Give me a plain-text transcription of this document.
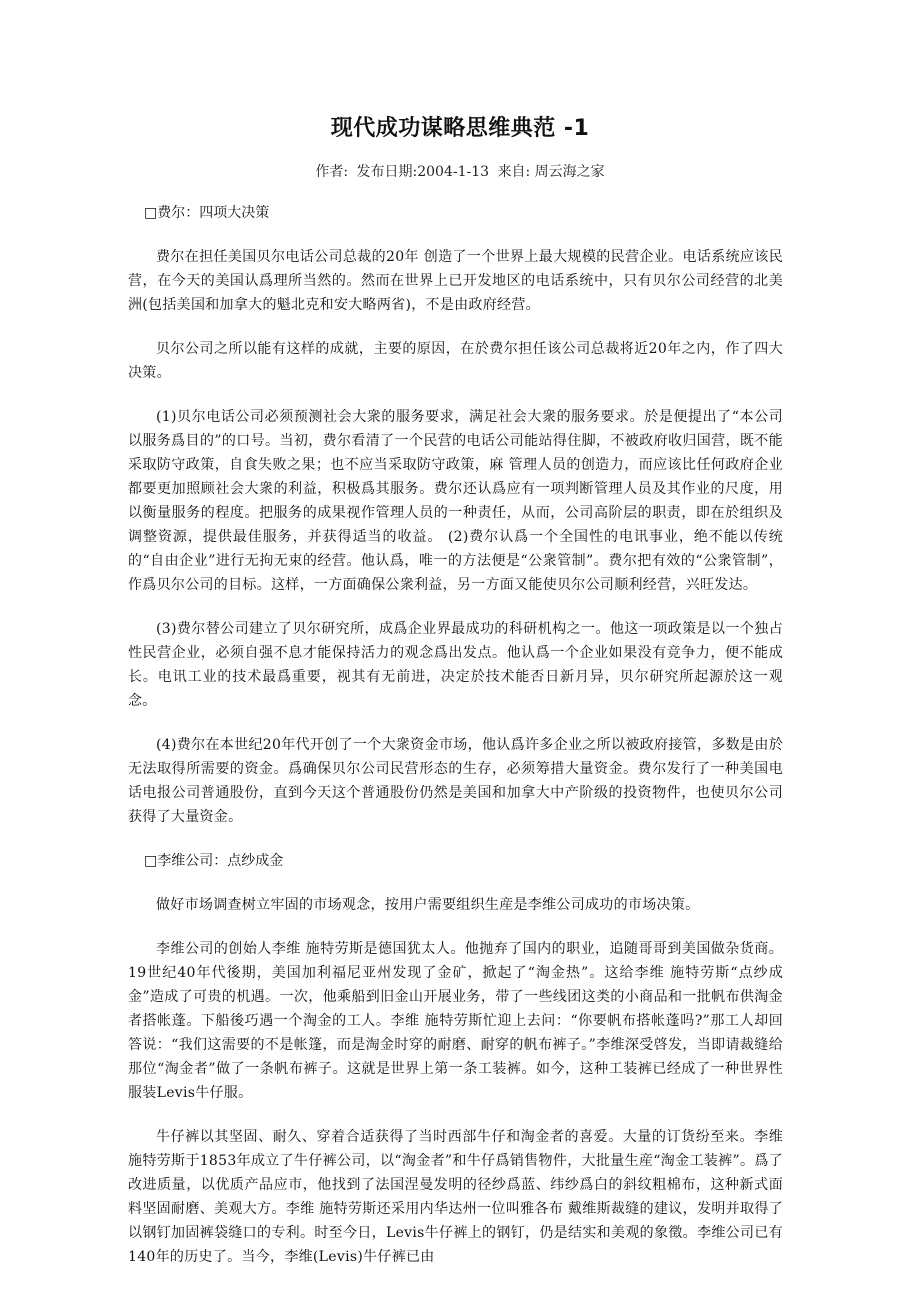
现代成功谋略思维典范 -1
作者: 发布日期:2004-1-13 来自: 周云海之家
□费尔：四项大决策

费尔在担任美国贝尔电话公司总裁的20年 创造了一个世界上最大规模的民营企业。电话系统应该民营，在今天的美国认爲理所当然的。然而在世界上已开发地区的电话系统中，只有贝尔公司经营的北美洲(包括美国和加拿大的魁北克和安大略两省)，不是由政府经营。

贝尔公司之所以能有这样的成就，主要的原因，在於费尔担任该公司总裁将近20年之内，作了四大决策。

(1)贝尔电话公司必须预测社会大衆的服务要求，满足社会大衆的服务要求。於是便提出了“本公司以服务爲目的”的口号。当初，费尔看清了一个民营的电话公司能站得住脚，不被政府收归国营，既不能采取防守政策，自食失败之果；也不应当采取防守政策，麻 管理人员的创造力，而应该比任何政府企业都要更加照顾社会大衆的利益，积极爲其服务。费尔还认爲应有一项判断管理人员及其作业的尺度，用以衡量服务的程度。把服务的成果视作管理人员的一种责任，从而，公司高阶层的职责，即在於组织及调整资源，提供最佳服务，并获得适当的收益。 (2)费尔认爲一个全国性的电讯事业，绝不能以传统的“自由企业”进行无拘无束的经营。他认爲，唯一的方法便是“公衆管制”。费尔把有效的“公衆管制”，作爲贝尔公司的目标。这样，一方面确保公衆利益，另一方面又能使贝尔公司顺利经营，兴旺发达。

(3)费尔替公司建立了贝尔研究所，成爲企业界最成功的科研机构之一。他这一项政策是以一个独占性民营企业，必须自强不息才能保持活力的观念爲出发点。他认爲一个企业如果没有竞争力，便不能成长。电讯工业的技术最爲重要，视其有无前进，决定於技术能否日新月异，贝尔研究所起源於这一观念。

(4)费尔在本世纪20年代开创了一个大衆资金市场，他认爲许多企业之所以被政府接管，多数是由於无法取得所需要的资金。爲确保贝尔公司民营形态的生存，必须筹措大量资金。费尔发行了一种美国电话电报公司普通股份，直到今天这个普通股份仍然是美国和加拿大中产阶级的投资物件，也使贝尔公司获得了大量资金。

□李维公司：点纱成金

做好市场调查树立牢固的市场观念，按用户需要组织生産是李维公司成功的市场决策。

李维公司的创始人李维 施特劳斯是德国犹太人。他抛弃了国内的职业，追随哥哥到美国做杂货商。19世纪40年代後期，美国加利福尼亚州发现了金矿，掀起了“淘金热”。这给李维 施特劳斯“点纱成金”造成了可贵的机遇。一次，他乘船到旧金山开展业务，带了一些线团这类的小商品和一批帆布供淘金者搭帐蓬。下船後巧遇一个淘金的工人。李维 施特劳斯忙迎上去问：“你要帆布搭帐蓬吗?”那工人却回答说：“我们这需要的不是帐篷，而是淘金时穿的耐磨、耐穿的帆布裤子。”李维深受啓发，当即请裁缝给那位“淘金者”做了一条帆布裤子。这就是世界上第一条工装裤。如今，这种工装裤已经成了一种世界性服装Levis牛仔服。

牛仔裤以其坚固、耐久、穿着合适获得了当时西部牛仔和淘金者的喜爱。大量的订货纷至来。李维 施特劳斯于1853年成立了牛仔裤公司，以“淘金者”和牛仔爲销售物件，大批量生産“淘金工装裤”。爲了改进质量，以优质产品应市，他找到了法国涅曼发明的径纱爲蓝、纬纱爲白的斜纹粗棉布，这种新式面料坚固耐磨、美观大方。李维 施特劳斯还采用内华达州一位叫雅各布 戴维斯裁缝的建议，发明并取得了以钢钉加固裤袋缝口的专利。时至今日，Levis牛仔裤上的钢钉，仍是结实和美观的象徵。李维公司已有140年的历史了。当今，李维(Levis)牛仔裤已由
